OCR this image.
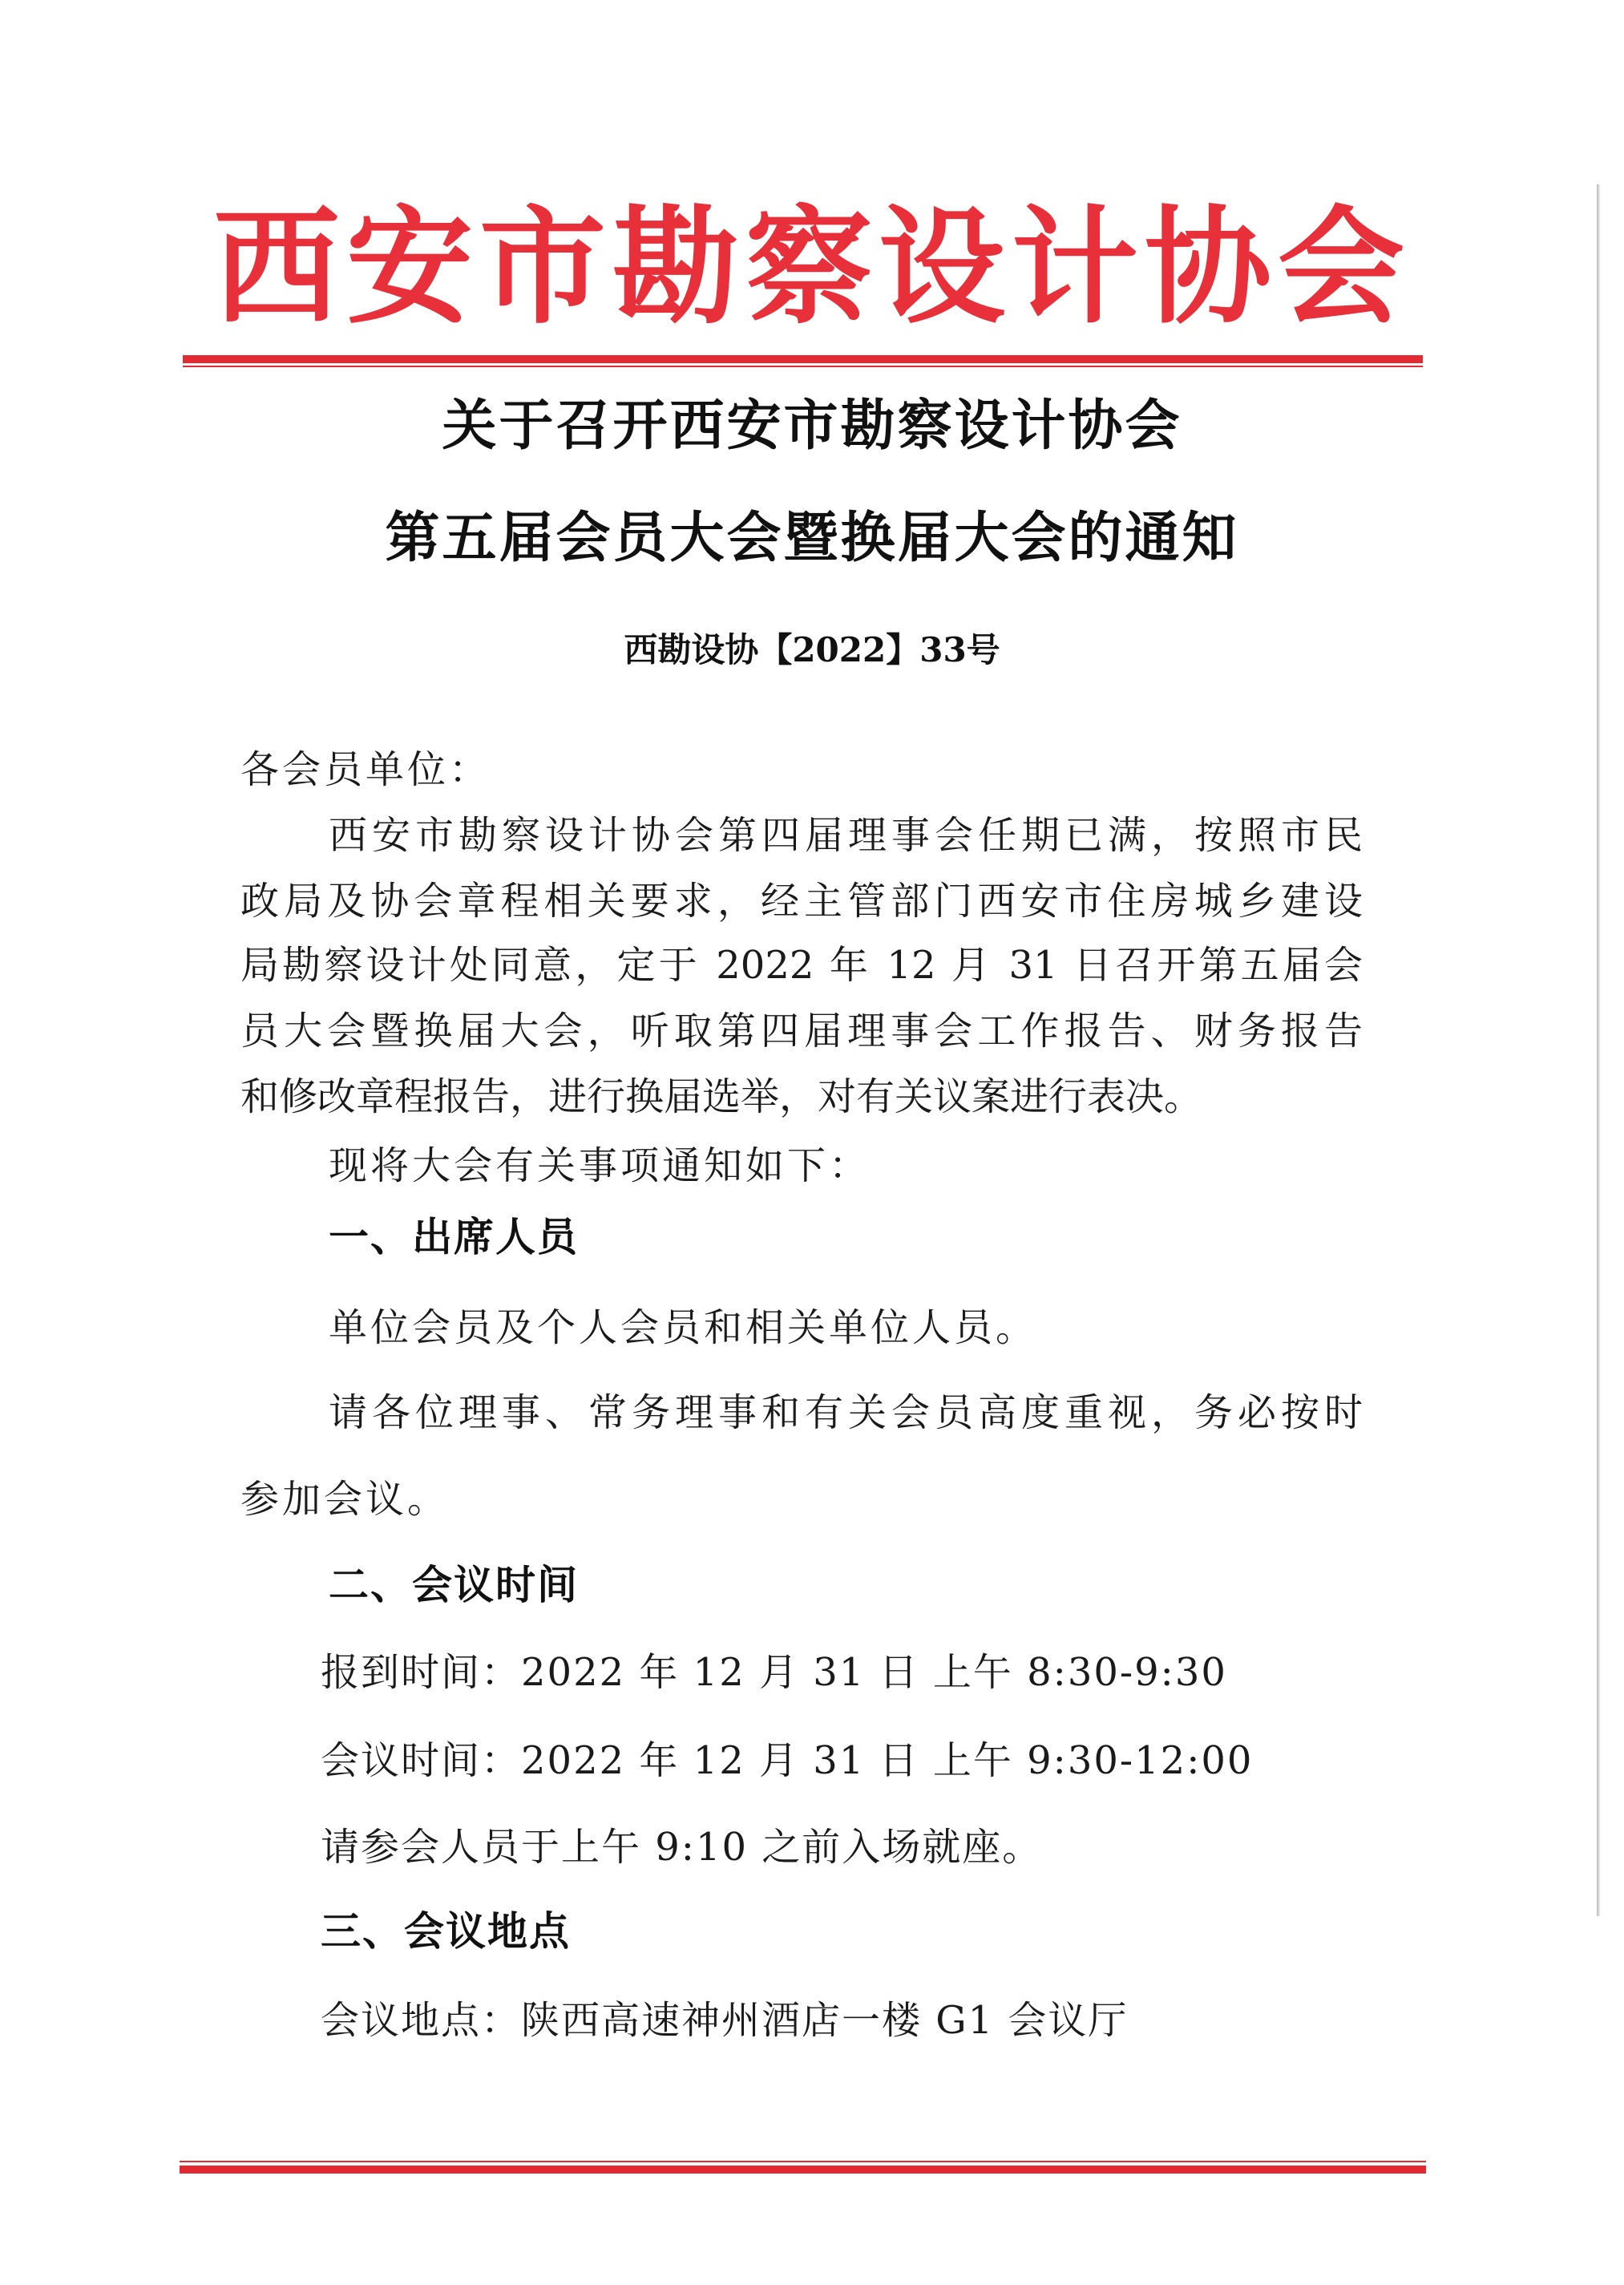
西安市勘察设计协会
关于召开西安市勘察设计协会
第五届会员大会暨换届大会的通知
西勘设协【2022】33号
各会员单位：
西安市勘察设计协会第四届理事会任期已满，按照市民
政局及协会章程相关要求，经主管部门西安市住房城乡建设
局勘察设计处同意，定于 2022 年 12 月 31 日召开第五届会
员大会暨换届大会，听取第四届理事会工作报告、财务报告
和修改章程报告，进行换届选举，对有关议案进行表决。
现将大会有关事项通知如下：
一、出席人员
单位会员及个人会员和相关单位人员。
请各位理事、常务理事和有关会员高度重视，务必按时
参加会议。
二、会议时间
报到时间：2022 年 12 月 31 日 上午 8:30-9:30
会议时间：2022 年 12 月 31 日 上午 9:30-12:00
请参会人员于上午 9:10 之前入场就座。
三、会议地点
会议地点：陕西高速神州酒店一楼 G1 会议厅
